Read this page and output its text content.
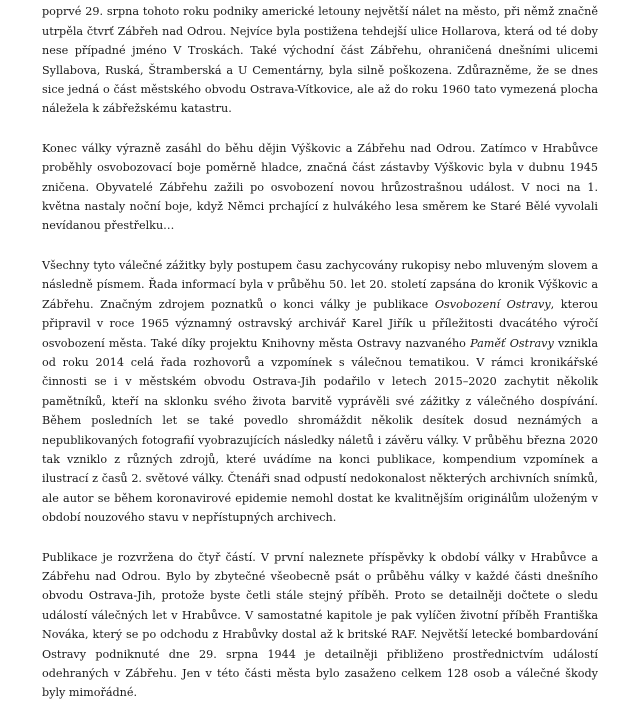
poprvé 29. srpna tohoto roku podniky americké letouny největší nálet na město, při němž značně utrpěla čtvrť Zábřeh nad Odrou. Nejvíce byla postižena tehdejší ulice Hollarova, která od té doby nese případné jméno V Troskách. Také východní část Zábřehu, ohraničená dnešními ulicemi Syllabova, Ruská, Štramberská a U Cementárny, byla silně poškozena. Zdůrazněme, že se dnes sice jedná o část městského obvodu Ostrava-Vítkovice, ale až do roku 1960 tato vymezená plocha náležela k zábřežskému katastru.

Konec války výrazně zasáhl do běhu dějin Výškovic a Zábřehu nad Odrou. Zatímco v Hrabůvce proběhly osvobozovací boje poměrně hladce, značná část zástavby Výškovic byla v dubnu 1945 zničena. Obyvatelé Zábřehu zažili po osvobození novou hrůzostrašnou událost. V noci na 1. května nastaly noční boje, když Němci prchající z hulvákého lesa směrem ke Staré Bělé vyvolali nevídanou přestřelku…

Všechny tyto válečné zážitky byly postupem času zachycovány rukopisy nebo mluveným slovem a následně písmem. Řada informací byla v průběhu 50. let 20. století zapsána do kronik Výškovic a Zábřehu. Značným zdrojem poznatků o konci války je publikace Osvobození Ostravy, kterou připravil v roce 1965 významný ostravský archivář Karel Jiřík u příležitosti dvacátého výročí osvobození města. Také díky projektu Knihovny města Ostravy nazvaného Paměť Ostravy vznikla od roku 2014 celá řada rozhovorů a vzpomínek s válečnou tematikou. V rámci kronikářské činnosti se i v městském obvodu Ostrava-Jih podařilo v letech 2015–2020 zachytit několik pamětníků, kteří na sklonku svého života barvitě vyprávěli své zážitky z válečného dospívání. Během posledních let se také povedlo shromáždit několik desítek dosud neznámých a nepublikovaných fotografií vyobrazujících následky náletů i závěru války. V průběhu března 2020 tak vzniklo z různých zdrojů, které uvádíme na konci publikace, kompendium vzpomínek a ilustrací z časů 2. světové války. Čtenáři snad odpustí nedokonalost některých archivních snímků, ale autor se během koronavirové epidemie nemohl dostat ke kvalitnějším originálům uloženým v období nouzového stavu v nepřístupných archivech.

Publikace je rozvržena do čtyř částí. V první naleznete příspěvky k období války v Hrabůvce a Zábřehu nad Odrou. Bylo by zbytečné všeobecně psát o průběhu války v každé části dnešního obvodu Ostrava-Jih, protože byste četli stále stejný příběh. Proto se detailněji dočtete o sledu událostí válečných let v Hrabůvce. V samostatné kapitole je pak vylíčen životní příběh Františka Nováka, který se po odchodu z Hrabůvky dostal až k britské RAF. Největší letecké bombardování Ostravy podniknuté dne 29. srpna 1944 je detailněji přibliženo prostřednictvím událostí odehraných v Zábřehu. Jen v této části města bylo zasaženo celkem 128 osob a válečné škody byly mimořádné.
